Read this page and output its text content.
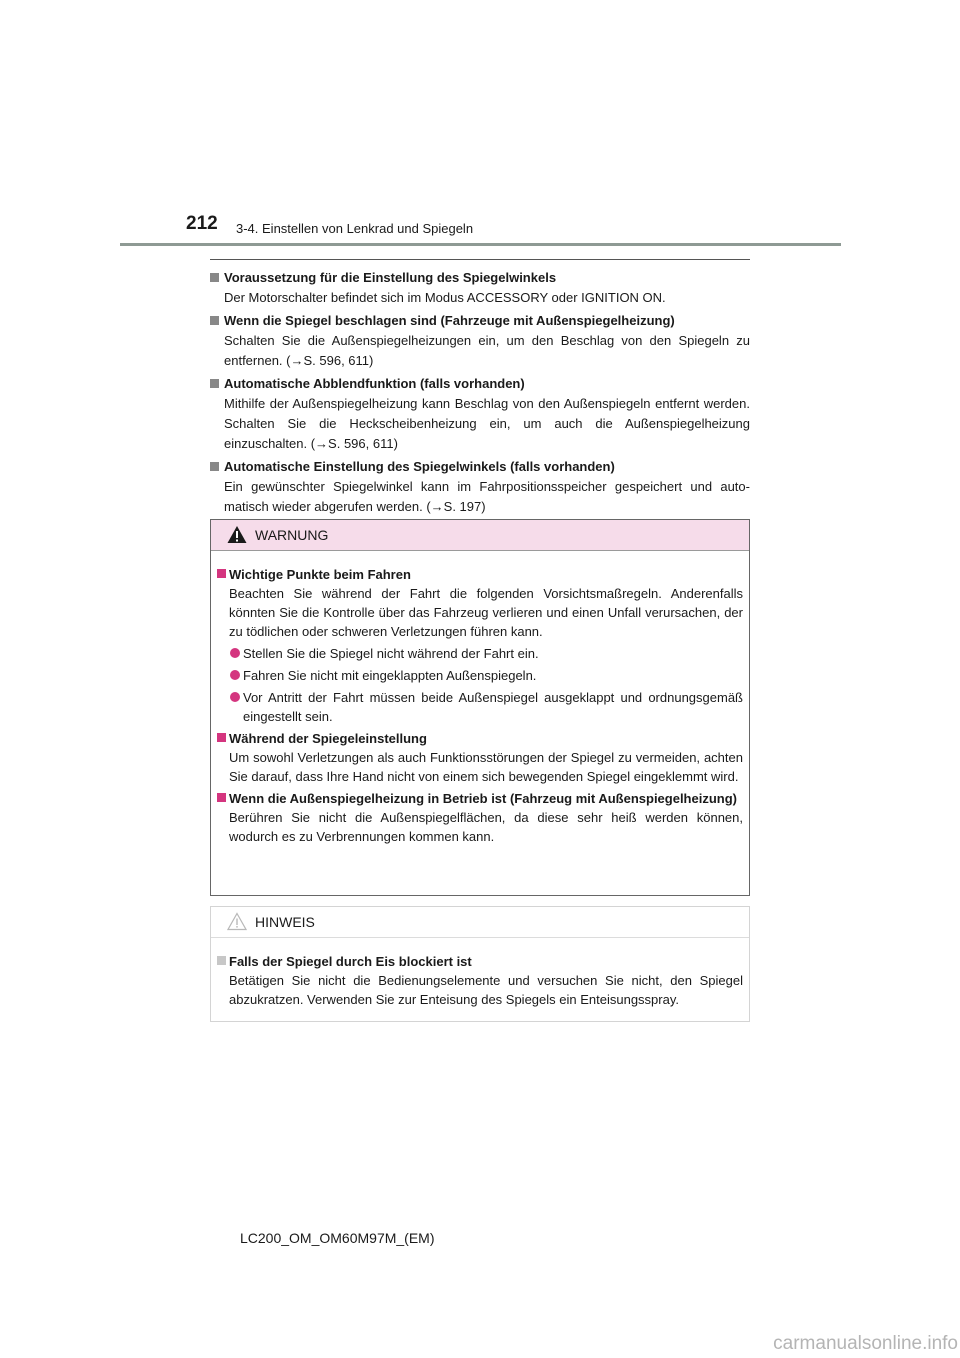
212 3-4. Einstellen von Lenkrad und Spiegeln
Voraussetzung für die Einstellung des Spiegelwinkels
Der Motorschalter befindet sich im Modus ACCESSORY oder IGNITION ON.
Wenn die Spiegel beschlagen sind (Fahrzeuge mit Außenspiegelheizung)
Schalten Sie die Außenspiegelheizungen ein, um den Beschlag von den Spiegeln zu entfernen. (→S. 596, 611)
Automatische Abblendfunktion (falls vorhanden)
Mithilfe der Außenspiegelheizung kann Beschlag von den Außenspiegeln entfernt werden. Schalten Sie die Heckscheibenheizung ein, um auch die Außenspiegelheizung einzuschalten. (→S. 596, 611)
Automatische Einstellung des Spiegelwinkels (falls vorhanden)
Ein gewünschter Spiegelwinkel kann im Fahrpositionsspeicher gespeichert und automatisch wieder abgerufen werden. (→S. 197)
WARNUNG
Wichtige Punkte beim Fahren
Beachten Sie während der Fahrt die folgenden Vorsichtsmaßregeln. Anderenfalls könnten Sie die Kontrolle über das Fahrzeug verlieren und einen Unfall verursachen, der zu tödlichen oder schweren Verletzungen führen kann.
Stellen Sie die Spiegel nicht während der Fahrt ein.
Fahren Sie nicht mit eingeklappten Außenspiegeln.
Vor Antritt der Fahrt müssen beide Außenspiegel ausgeklappt und ordnungsgemäß eingestellt sein.
Während der Spiegeleinstellung
Um sowohl Verletzungen als auch Funktionsstörungen der Spiegel zu vermeiden, achten Sie darauf, dass Ihre Hand nicht von einem sich bewegenden Spiegel eingeklemmt wird.
Wenn die Außenspiegelheizung in Betrieb ist (Fahrzeug mit Außenspiegelheizung)
Berühren Sie nicht die Außenspiegelflächen, da diese sehr heiß werden können, wodurch es zu Verbrennungen kommen kann.
HINWEIS
Falls der Spiegel durch Eis blockiert ist
Betätigen Sie nicht die Bedienungselemente und versuchen Sie nicht, den Spiegel abzukratzen. Verwenden Sie zur Enteisung des Spiegels ein Enteisungsspray.
LC200_OM_OM60M97M_(EM)
carmanualsonline.info
